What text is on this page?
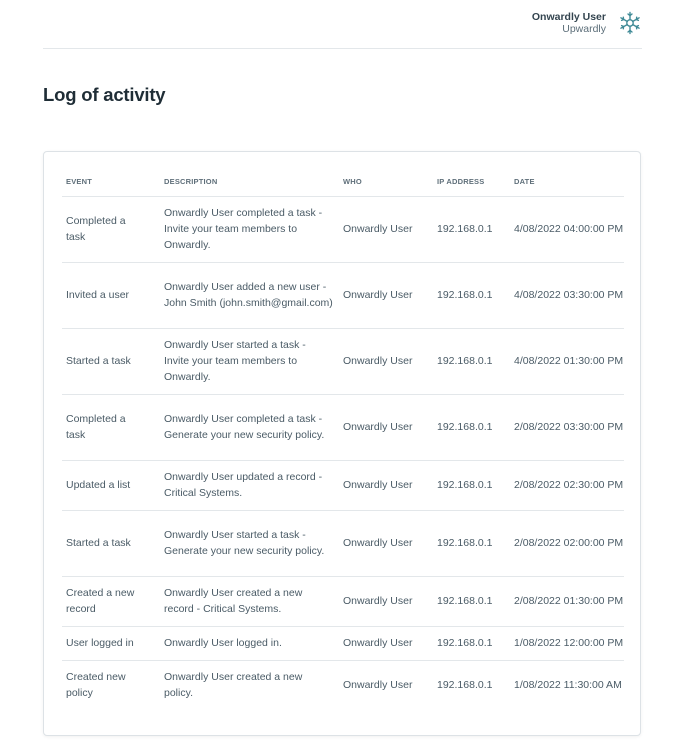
Onwardly User
Upwardly
Log of activity
EVENT	DESCRIPTION	WHO	IP ADDRESS	DATE
Completed a task	Onwardly User completed a task - Invite your team members to Onwardly.	Onwardly User	192.168.0.1	4/08/2022 04:00:00 PM
Invited a user	Onwardly User added a new user - John Smith (john.smith@gmail.com)	Onwardly User	192.168.0.1	4/08/2022 03:30:00 PM
Started a task	Onwardly User started a task - Invite your team members to Onwardly.	Onwardly User	192.168.0.1	4/08/2022 01:30:00 PM
Completed a task	Onwardly User completed a task - Generate your new security policy.	Onwardly User	192.168.0.1	2/08/2022 03:30:00 PM
Updated a list	Onwardly User updated a record - Critical Systems.	Onwardly User	192.168.0.1	2/08/2022 02:30:00 PM
Started a task	Onwardly User started a task - Generate your new security policy.	Onwardly User	192.168.0.1	2/08/2022 02:00:00 PM
Created a new record	Onwardly User created a new record - Critical Systems.	Onwardly User	192.168.0.1	2/08/2022 01:30:00 PM
User logged in	Onwardly User logged in.	Onwardly User	192.168.0.1	1/08/2022 12:00:00 PM
Created new policy	Onwardly User created a new policy.	Onwardly User	192.168.0.1	1/08/2022 11:30:00 AM
